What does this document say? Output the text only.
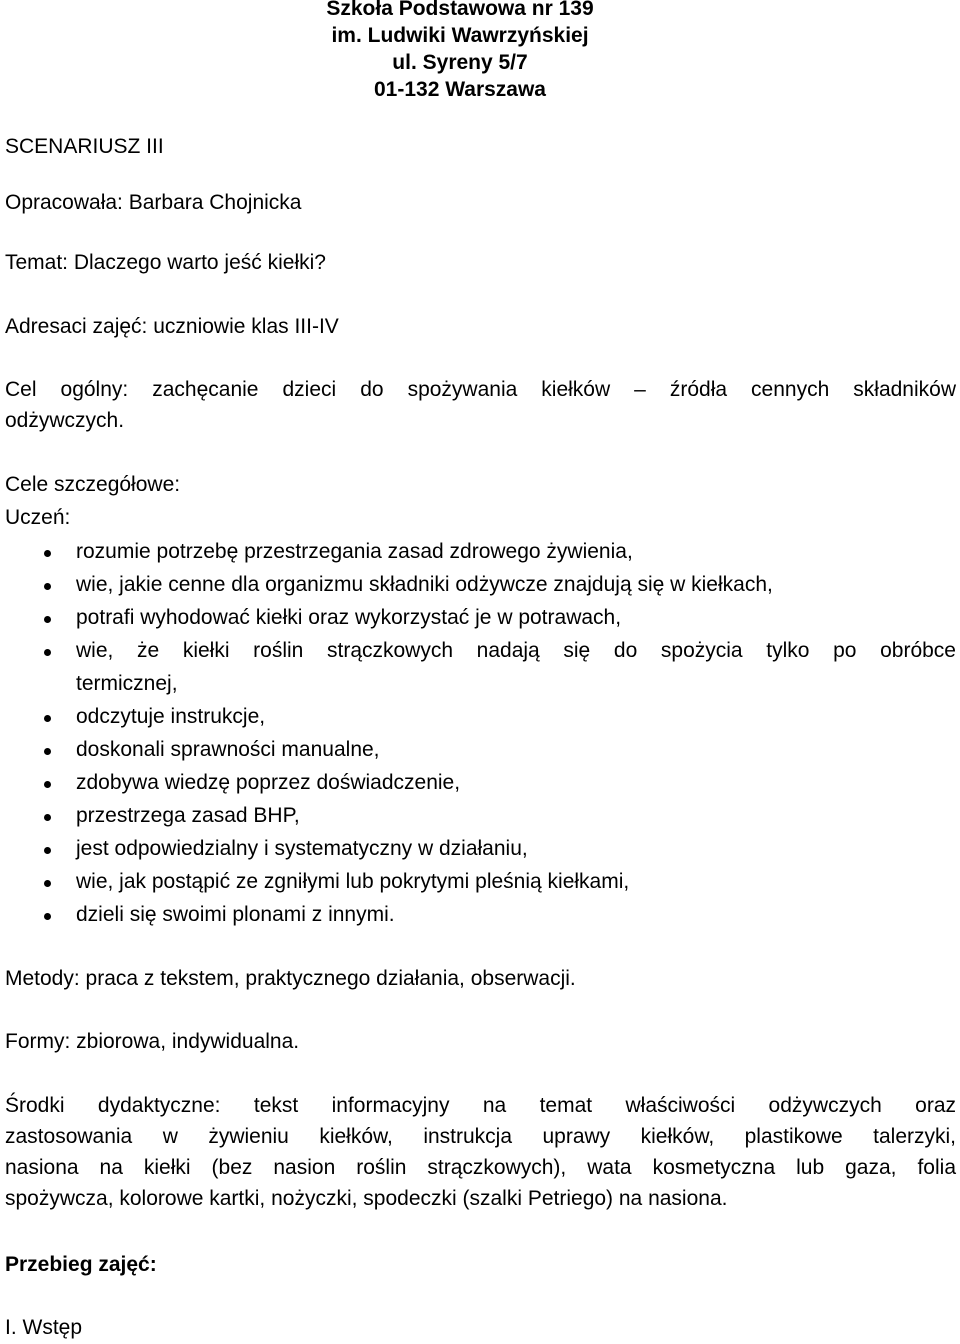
Szkoła Podstawowa nr 139
im. Ludwiki Wawrzyńskiej
ul. Syreny 5/7
01-132 Warszawa
SCENARIUSZ III
Opracowała: Barbara Chojnicka
Temat: Dlaczego warto jeść kiełki?
Adresaci zajęć: uczniowie klas III-IV
Cel ogólny: zachęcanie dzieci do spożywania kiełków – źródła cennych składników
odżywczych.
Cele szczegółowe:
Uczeń:
rozumie potrzebę przestrzegania zasad zdrowego żywienia,
wie, jakie cenne dla organizmu składniki odżywcze znajdują się w kiełkach,
potrafi wyhodować kiełki oraz wykorzystać je w potrawach,
wie, że kiełki roślin strączkowych nadają się do spożycia tylko po obróbce
termicznej,
odczytuje instrukcje,
doskonali sprawności manualne,
zdobywa wiedzę poprzez doświadczenie,
przestrzega zasad BHP,
jest odpowiedzialny i systematyczny w działaniu,
wie, jak postąpić ze zgniłymi lub pokrytymi pleśnią kiełkami,
dzieli się swoimi plonami z innymi.
Metody: praca z tekstem, praktycznego działania, obserwacji.
Formy: zbiorowa, indywidualna.
Środki dydaktyczne: tekst informacyjny na temat właściwości odżywczych oraz
zastosowania w żywieniu kiełków, instrukcja uprawy kiełków, plastikowe talerzyki,
nasiona na kiełki (bez nasion roślin strączkowych), wata kosmetyczna lub gaza, folia
spożywcza, kolorowe kartki, nożyczki, spodeczki (szalki Petriego) na nasiona.
Przebieg zajęć:
I. Wstęp
